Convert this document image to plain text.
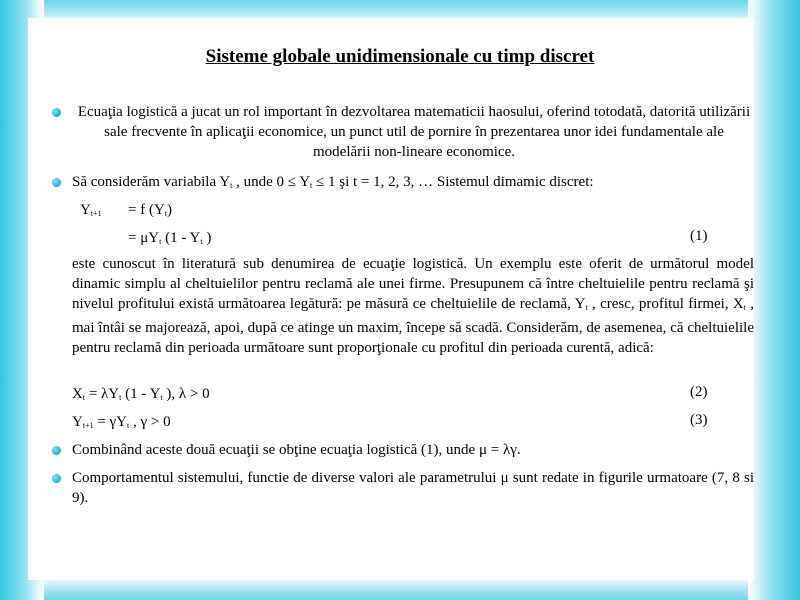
Sisteme globale unidimensionale cu timp discret
Ecuaţia logistică a jucat un rol important în dezvoltarea matematicii haosului, oferind totodată, datorită utilizării sale frecvente în aplicaţii economice, un punct util de pornire în prezentarea unor idei fundamentale ale modelării non-lineare economice.
Să considerăm variabila $Y_t$ , unde $0 \le Y_t \le 1$ şi t = 1, 2, 3, … Sistemul dimamic discret:
$Y_{t+1} = f$ $(Y_t)$
= $\mu Y_t$ ($1 - Y_t$ )	(1)
este cunoscut în literatură sub denumirea de ecuaţie logistică. Un exemplu este oferit de următorul model dinamic simplu al cheltuielilor pentru reclamă ale unei firme. Presupunem că între cheltuielile pentru reclamă şi nivelul profitului există următoarea legătură: pe măsură ce cheltuielile de reclamă, $Y_t$ , cresc, profitul firmei, $X_t$ , mai întâi se majorează, apoi, după ce atinge un maxim, începe să scadă. Considerăm, de asemenea, că cheltuielile pentru reclamă din perioada următoare sunt proporţionale cu profitul din perioada curentă, adică:
$X_t = \lambda Y_t$ ($1 - Y_t$ ), λ > 0	(2)
$Y_{t+1} = \gamma Y_t$ , γ > 0	(3)
Combinând aceste două ecuaţii se obţine ecuaţia logistică (1), unde μ = λγ.
Comportamentul sistemului, functie de diverse valori ale parametrului μ sunt redate in figurile urmatoare (7, 8 si 9).
